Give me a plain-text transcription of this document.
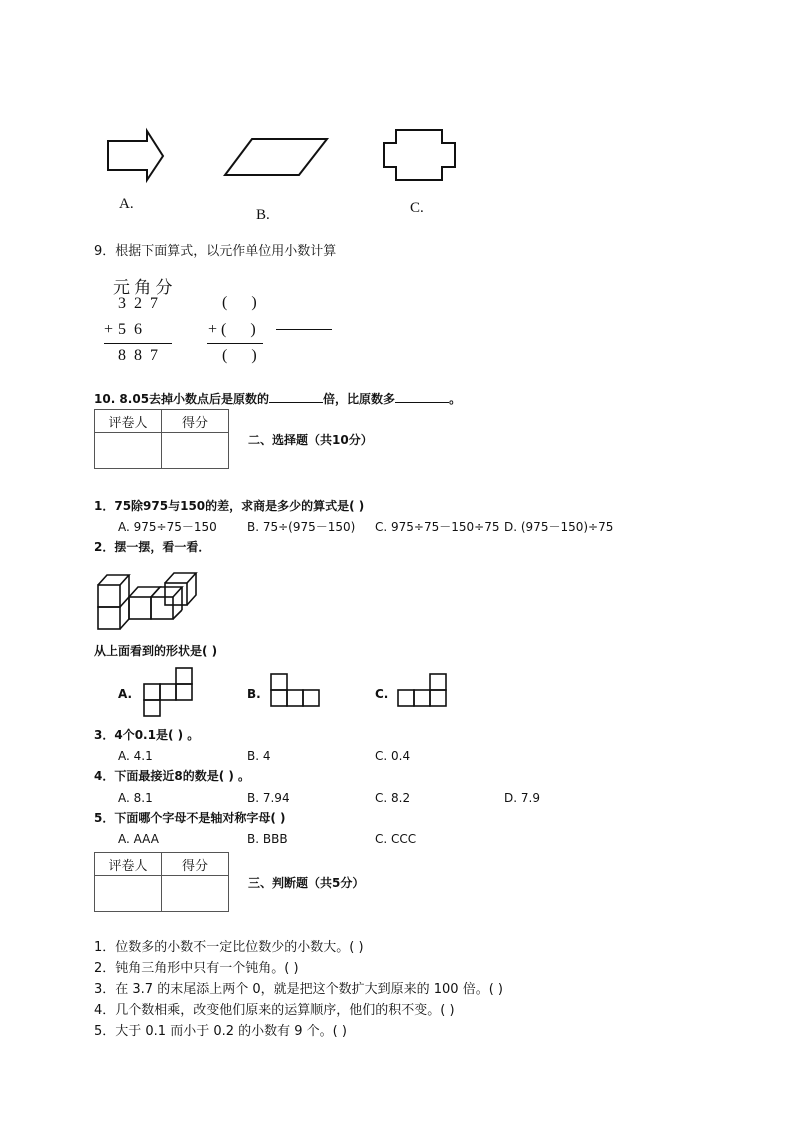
A.
B.	C.
9．根据下面算式，以元作单位用小数计算
元 角 分
3  2  7
+ 5  6
8  8  7
(      )
+ (      )
(      )
10. 8.05去掉小数点后是原数的	倍，比原数多	。
评卷人	得分

二、选择题（共10分）
1．75除975与150的差，求商是多少的算式是( )
A. 975÷75－150	B. 75÷(975－150) C. 975÷75－150÷75 D. (975－150)÷75
2．摆一摆，看一看．
从上面看到的形状是( )
A.	B.	C.
3．4个0.1是( ) 。
A. 4.1	B. 4	C. 0.4
4．下面最接近8的数是( ) 。
A. 8.1	B. 7.94	C. 8.2	D. 7.9
5．下面哪个字母不是轴对称字母( )
A. AAA	B. BBB	C. CCC
评卷人	得分

三、判断题（共5分）
1．位数多的小数不一定比位数少的小数大。( )
2．钝角三角形中只有一个钝角。( )
3．在 3.7 的末尾添上两个 0，就是把这个数扩大到原来的 100 倍。( )
4．几个数相乘，改变他们原来的运算顺序，他们的积不变。( )
5．大于 0.1 而小于 0.2 的小数有 9 个。( )
